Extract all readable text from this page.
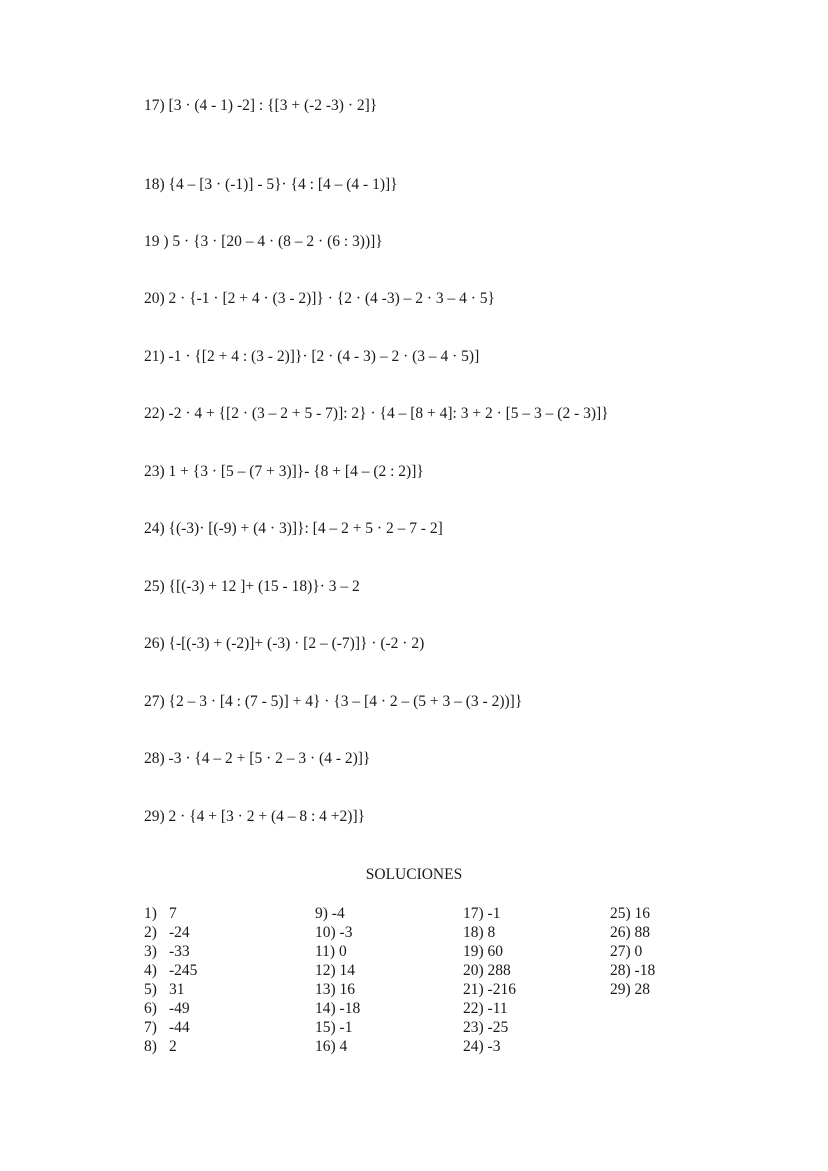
17) [3 · (4 - 1) -2] : {[3 + (-2 -3) · 2]}
18) {4 – [3 · (-1)] - 5}· {4 : [4 – (4 - 1)]}
19 ) 5 · {3 · [20 – 4 · (8 – 2 · (6 : 3))]}
20) 2 · {-1 · [2 + 4 · (3 - 2)]} · {2 · (4 -3) – 2 · 3 – 4 · 5}
21) -1 · {[2 + 4 : (3 - 2)]}· [2 · (4 - 3) – 2 · (3 – 4 · 5)]
22) -2 · 4 + {[2 · (3 – 2 + 5 - 7)]: 2} · {4 – [8 + 4]: 3 + 2 · [5 – 3 – (2 - 3)]}
23) 1 + {3 · [5 – (7 + 3)]}- {8 + [4 – (2 : 2)]}
24) {(-3)· [(-9) + (4 · 3)]}: [4 – 2 + 5 · 2 – 7 - 2]
25) {[(-3) + 12 ]+ (15 - 18)}· 3 – 2
26) {-[(-3) + (-2)]+ (-3) · [2 – (-7)]} · (-2 · 2)
27) {2 – 3 · [4 : (7 - 5)] + 4} · {3 – [4 · 2 – (5 + 3 – (3 - 2))]}
28) -3 · {4 – 2 + [5 · 2 – 3 · (4 - 2)]}
29) 2 · {4 + [3 · 2 + (4 – 8 : 4 +2)]}
SOLUCIONES
1) 7
2) -24
3) -33
4) -245
5) 31
6) -49
7) -44
8) 2
9) -4
10) -3
11) 0
12) 14
13) 16
14) -18
15) -1
16) 4
17) -1
18) 8
19) 60
20) 288
21) -216
22) -11
23) -25
24) -3
25) 16
26) 88
27) 0
28) -18
29) 28
